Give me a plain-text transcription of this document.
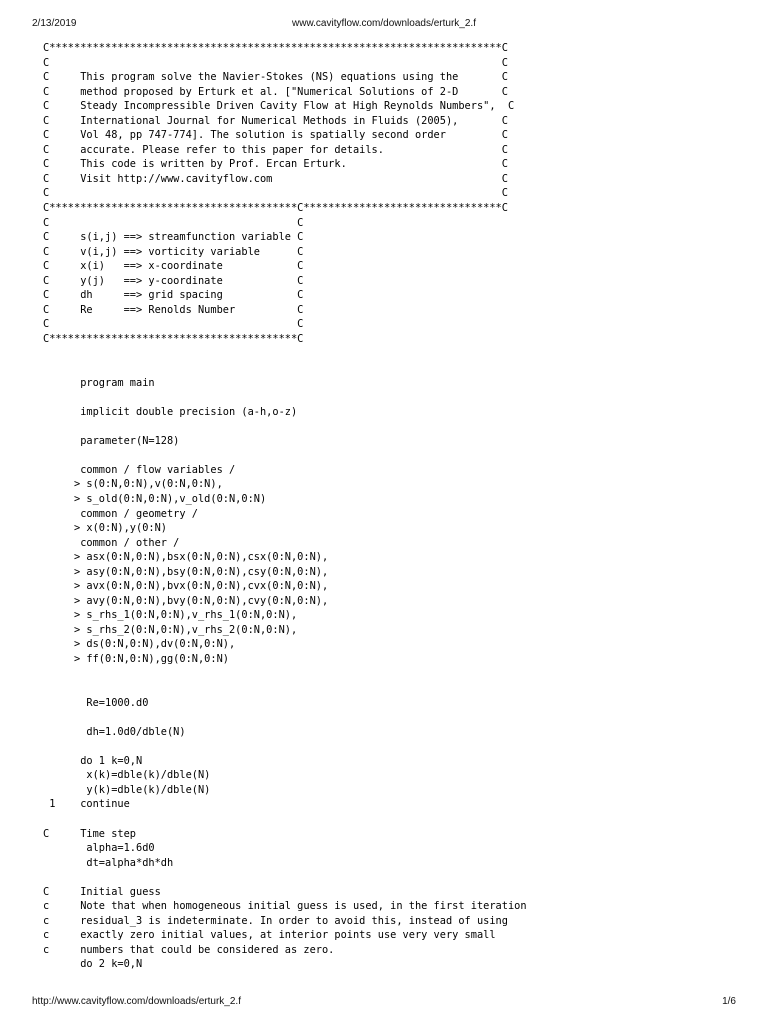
2/13/2019	www.cavityflow.com/downloads/erturk_2.f
C*************************************************************************C
C                                                                         C
C     This program solve the Navier-Stokes (NS) equations using the       C
C     method proposed by Erturk et al. ["Numerical Solutions of 2-D       C
C     Steady Incompressible Driven Cavity Flow at High Reynolds Numbers",  C
C     International Journal for Numerical Methods in Fluids (2005),       C
C     Vol 48, pp 747-774]. The solution is spatially second order         C
C     accurate. Please refer to this paper for details.                   C
C     This code is written by Prof. Ercan Erturk.                         C
C     Visit http://www.cavityflow.com                                     C
C                                                                         C
C****************************************C********************************C
C                                        C
C     s(i,j) ==> streamfunction variable C
C     v(i,j) ==> vorticity variable      C
C     x(i)   ==> x-coordinate            C
C     y(j)   ==> y-coordinate            C
C     dh     ==> grid spacing            C
C     Re     ==> Renolds Number          C
C                                        C
C****************************************C

program main

implicit double precision (a-h,o-z)

parameter(N=128)

common / flow variables /
> s(0:N,0:N),v(0:N,0:N),
> s_old(0:N,0:N),v_old(0:N,0:N)
common / geometry /
> x(0:N),y(0:N)
common / other /
> asx(0:N,0:N),bsx(0:N,0:N),csx(0:N,0:N),
> asy(0:N,0:N),bsy(0:N,0:N),csy(0:N,0:N),
> avx(0:N,0:N),bvx(0:N,0:N),cvx(0:N,0:N),
> avy(0:N,0:N),bvy(0:N,0:N),cvy(0:N,0:N),
> s_rhs_1(0:N,0:N),v_rhs_1(0:N,0:N),
> s_rhs_2(0:N,0:N),v_rhs_2(0:N,0:N),
> ds(0:N,0:N),dv(0:N,0:N),
> ff(0:N,0:N),gg(0:N,0:N)

Re=1000.d0

dh=1.0d0/dble(N)

do 1 k=0,N
x(k)=dble(k)/dble(N)
y(k)=dble(k)/dble(N)
1    continue

C     Time step
alpha=1.6d0
dt=alpha*dh*dh

C     Initial guess
c     Note that when homogeneous initial guess is used, in the first iteration
c     residual_3 is indeterminate. In order to avoid this, instead of using
c     exactly zero initial values, at interior points use very very small
c     numbers that could be considered as zero.
do 2 k=0,N
http://www.cavityflow.com/downloads/erturk_2.f	1/6
